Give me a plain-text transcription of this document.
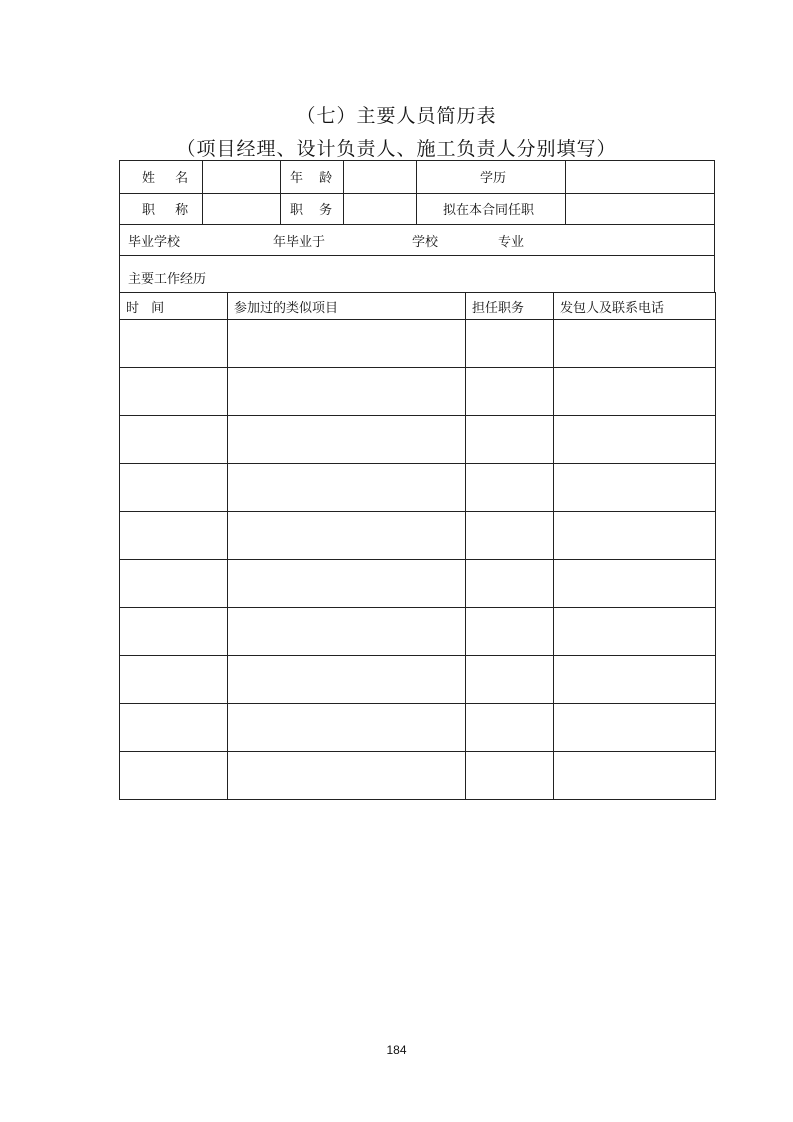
（七）主要人员简历表
（项目经理、设计负责人、施工负责人分别填写）
姓 名	年 龄	学历
职 称	职 务	拟在本合同任职
毕业学校	年毕业于	学校	专业
主要工作经历
时 间	参加过的类似项目	担任职务	发包人及联系电话

184
